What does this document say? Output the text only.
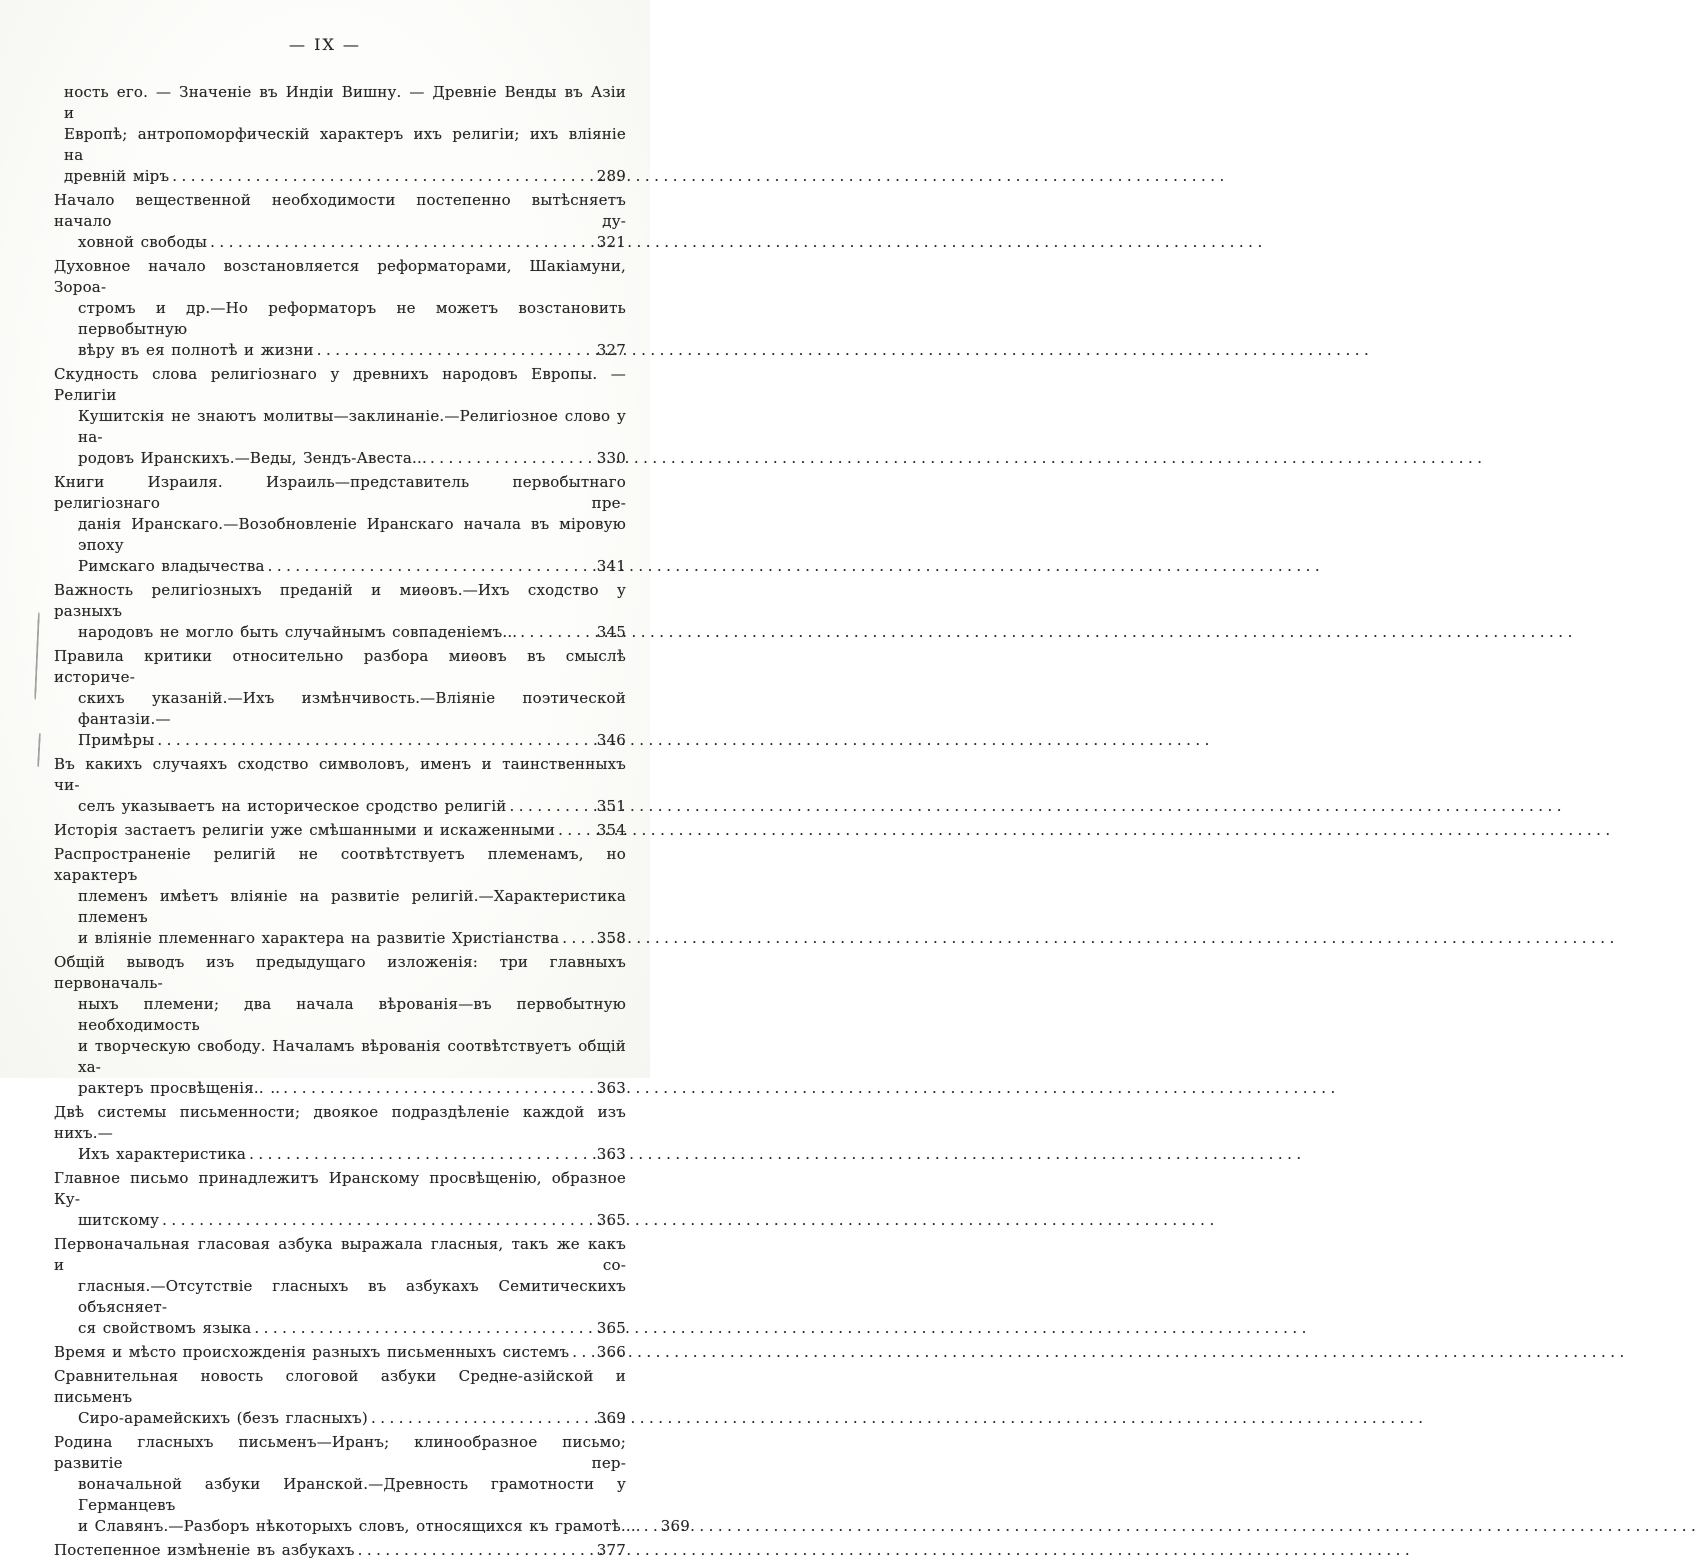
— IX —
ность его. — Значеніе въ Индіи Вишну. — Древніе Венды въ Азіи и
Европѣ; антропоморфическій характеръ ихъ религіи; ихъ вліяніе на
древній міръ .....	289
Начало вещественной необходимости постепенно вытѣсняетъ начало ду-
ховной свободы .....	321
Духовное начало возстановляется реформаторами, Шакіамуни, Зороа-
стромъ и др.—Но реформаторъ не можетъ возстановить первобытную
вѣру въ ея полнотѣ и жизни .....	327
Скудность слова религіознаго у древнихъ народовъ Европы. — Религіи
Кушитскія не знаютъ молитвы—заклинаніе.—Религіозное слово у на-
родовъ Иранскихъ.—Веды, Зендъ-Авеста... .....	330
Книги Израиля. Израиль—представитель первобытнаго религіознаго пре-
данія Иранскаго.—Возобновленіе Иранскаго начала въ міровую эпоху
Римскаго владычества .....	341
Важность религіозныхъ преданій и миѳовъ.—Ихъ сходство у разныхъ
народовъ не могло быть случайнымъ совпаденіемъ... .....	345
Правила критики относительно разбора миѳовъ въ смыслѣ историче-
скихъ указаній.—Ихъ измѣнчивость.—Вліяніе поэтической фантазіи.—
Примѣры .....	346
Въ какихъ случаяхъ сходство символовъ, именъ и таинственныхъ чи-
селъ указываетъ на историческое сродство религій .....	351
Исторія застаетъ религіи уже смѣшанными и искаженными .....	354
Распространеніе религій не соотвѣтствуетъ племенамъ, но характеръ
племенъ имѣетъ вліяніе на развитіе религій.—Характеристика племенъ
и вліяніе племеннаго характера на развитіе Христіанства .....	358
Общій выводъ изъ предыдущаго изложенія: три главныхъ первоначаль-
ныхъ племени; два начала вѣрованія—въ первобытную необходимость
и творческую свободу. Началамъ вѣрованія соотвѣтствуетъ общій ха-
рактеръ просвѣщенія.. .. .....	363
Двѣ системы письменности; двоякое подраздѣленіе каждой изъ нихъ.—
Ихъ характеристика .....	363
Главное письмо принадлежитъ Иранскому просвѣщенію, образное Ку-
шитскому .....	365
Первоначальная гласовая азбука выражала гласныя, такъ же какъ и со-
гласныя.—Отсутствіе гласныхъ въ азбукахъ Семитическихъ объясняет-
ся свойствомъ языка .....	365
Время и мѣсто происхожденія разныхъ письменныхъ системъ ..... 366
Сравнительная новость слоговой азбуки Средне-азійской и письменъ
Сиро-арамейскихъ (безъ гласныхъ) .....	369
Родина гласныхъ письменъ—Иранъ; клинообразное письмо; развитіе пер-
воначальной азбуки Иранской.—Древность грамотности у Германцевъ
и Славянъ.—Разборъ нѣкоторыхъ словъ, относящихся къ грамотѣ.... ..... 369
Постепенное измѣненіе въ азбукахъ .....	377
